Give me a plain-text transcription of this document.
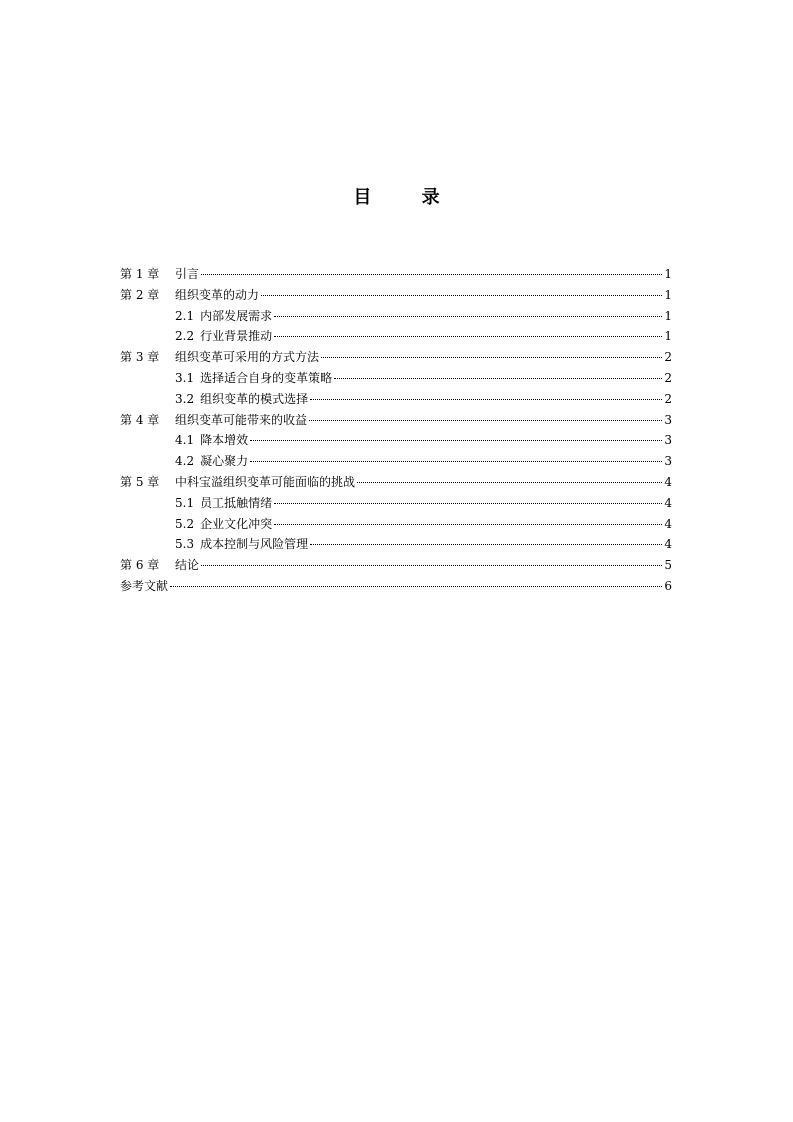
目 录
第 1 章	引言	1
第 2 章	组织变革的动力	1
2.1 内部发展需求	1
2.2 行业背景推动	1
第 3 章	组织变革可采用的方式方法	2
3.1 选择适合自身的变革策略	2
3.2 组织变革的模式选择	2
第 4 章	组织变革可能带来的收益	3
4.1 降本增效	3
4.2 凝心聚力	3
第 5 章	中科宝溢组织变革可能面临的挑战	4
5.1 员工抵触情绪	4
5.2 企业文化冲突	4
5.3 成本控制与风险管理	4
第 6 章	结论	5
参考文献	6
